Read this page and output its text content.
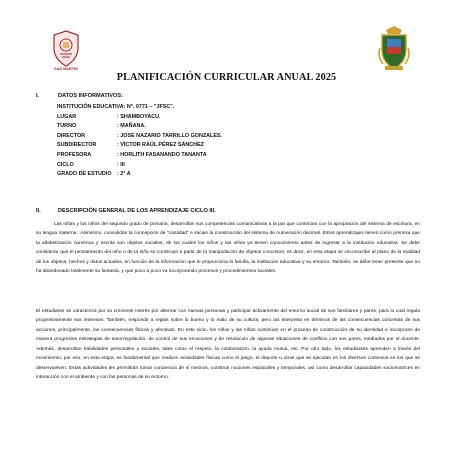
SAN MARTÍN
PLANIFICACIÓN CURRICULAR ANUAL 2025
I.	DATOS INFORMATIVOS:
INSTITUCIÓN EDUCATIVA: N°. 0771 – "JFSC".
LUGAR	: SHAMBOYACU.
TURNO	: MAÑANA.
DIRECTOR	: JOSE NAZARIO TARRILLO GONZALES.
SUBDIRECTOR	: VÍCTOR RAÚL PÉREZ SÁNCHEZ
PROFESORA	: HORLITH FASANANDO TANANTA
CICLO	: III
GRADO DE ESTUDIO : 2° A
II.	DESCRIPCIÓN GENERAL DE LOS APRENDIZAJE CICLO III.

Las niñas y los niños del segundo grado de primaria, desarrollan sus competencias comunicativas a la par que continúan con la apropiación del sistema de escritura, en su lengua materna . Asimismo, consolidan la concepción de "cantidad" e inician la construcción del sistema de numeración decimal. Estos aprendizajes tienen como premisa que la alfabetización numérica y escrita son objetos sociales, de los cuales los niños y las niñas ya tienen conocimiento antes de ingresar a la institución educativa. Se debe considerar que el pensamiento del niño o de la niña se construye a partir de la manipulación de objetos concretos; es decir, en esta etapa se circunscribe al plano de la realidad de los objetos, hechos y datos actuales, en función de la información que le proporciona la familia, la institución educativa y su entorno. También, se debe tener presente que no ha abandonado totalmente su fantasía, y que poco a poco va incorporando procesos y procedimientos sociales.

El estudiante se caracteriza por su creciente interés por alternar con nuevas personas y participar activamente del entorno social de sus familiares y pares, para lo cual regula progresivamente sus intereses. También, responde a reglas sobre lo bueno y lo malo de su cultura, pero las interpreta en términos de las consecuencias concretas de sus acciones, principalmente, las consecuencias físicas y afectivas. En este ciclo, los niños y las niñas continúan en el proceso de construcción de su identidad e incorporan de manera progresiva estrategias de autorregulación, de control de sus emociones y de resolución de algunas situaciones de conflicto con sus pares, mediados por el docente. Además, desarrollan habilidades personales y sociales, tales como el respeto, la colaboración, la ayuda mutua, etc. Por otro lado, los estudiantes aprenden a través del movimiento; por eso, en esta etapa, es fundamental que realicen actividades físicas como el juego, el deporte u otras que se ejecutan en los diversos contextos en los que se desenvuelven. Estas actividades les permitirán tomar conciencia de sí mismos, construir nociones espaciales y temporales, así como desarrollar capacidades sociomotrices en interacción con el ambiente y con las personas de su entorno.
